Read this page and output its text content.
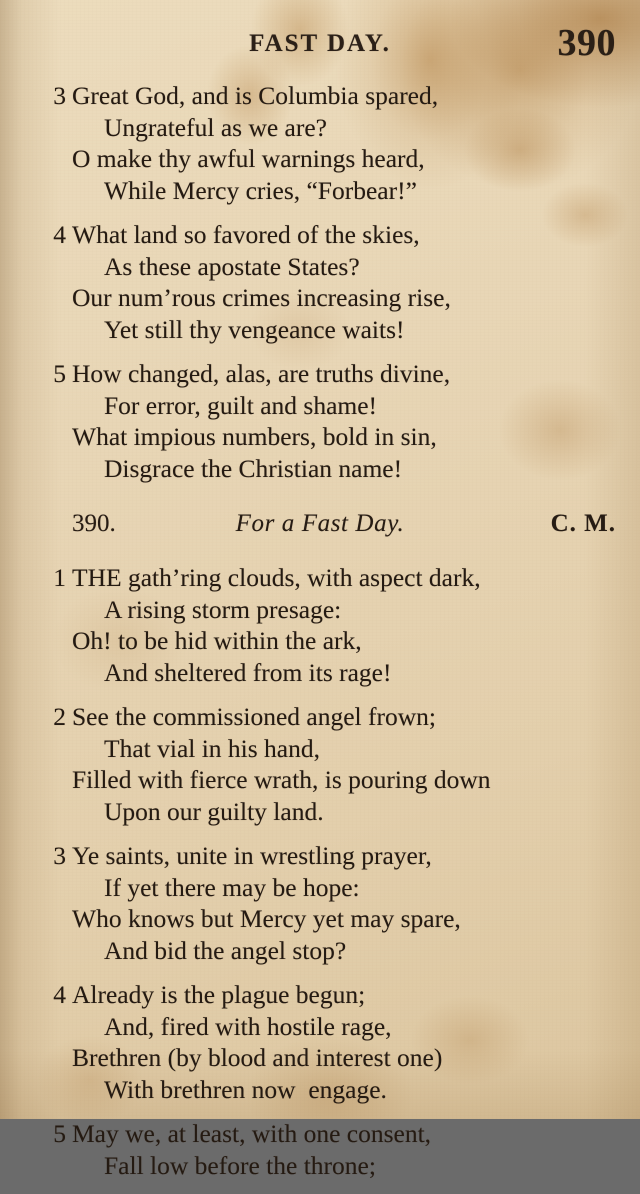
FAST DAY.	390
3 Great God, and is Columbia spared,
Ungrateful as we are?
O make thy awful warnings heard,
While Mercy cries, “Forbear!”
4 What land so favored of the skies,
As these apostate States?
Our num’rous crimes increasing rise,
Yet still thy vengeance waits!
5 How changed, alas, are truths divine,
For error, guilt and shame!
What impious numbers, bold in sin,
Disgrace the Christian name!
390.	For a Fast Day.	C. M.
1 THE gath’ring clouds, with aspect dark,
A rising storm presage:
Oh! to be hid within the ark,
And sheltered from its rage!
2 See the commissioned angel frown;
That vial in his hand,
Filled with fierce wrath, is pouring down
Upon our guilty land.
3 Ye saints, unite in wrestling prayer,
If yet there may be hope:
Who knows but Mercy yet may spare,
And bid the angel stop?
4 Already is the plague begun;
And, fired with hostile rage,
Brethren (by blood and interest one)
With brethren now  engage.
5 May we, at least, with one consent,
Fall low before the throne;
